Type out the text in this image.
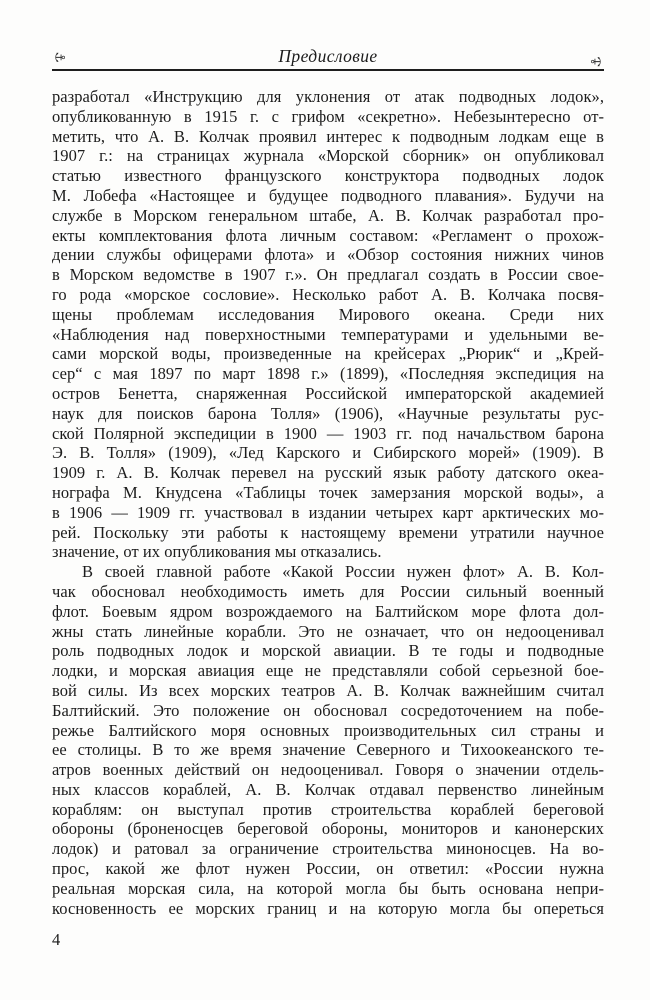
⚓	Предисловие	⚓
разработал «Инструкцию для уклонения от атак подводных лодок»,
опубликованную в 1915 г. с грифом «секретно». Небезынтересно от-
метить, что А. В. Колчак проявил интерес к подводным лодкам еще в
1907 г.: на страницах журнала «Морской сборник» он опубликовал
статью известного французского конструктора подводных лодок
М. Лобефа «Настоящее и будущее подводного плавания». Будучи на
службе в Морском генеральном штабе, А. В. Колчак разработал про-
екты комплектования флота личным составом: «Регламент о прохож-
дении службы офицерами флота» и «Обзор состояния нижних чинов
в Морском ведомстве в 1907 г.». Он предлагал создать в России свое-
го рода «морское сословие». Несколько работ А. В. Колчака посвя-
щены проблемам исследования Мирового океана. Среди них
«Наблюдения над поверхностными температурами и удельными ве-
сами морской воды, произведенные на крейсерах „Рюрик“ и „Крей-
сер“ с мая 1897 по март 1898 г.» (1899), «Последняя экспедиция на
остров Бенетта, снаряженная Российской императорской академией
наук для поисков барона Толля» (1906), «Научные результаты рус-
ской Полярной экспедиции в 1900 — 1903 гг. под начальством барона
Э. В. Толля» (1909), «Лед Карского и Сибирского морей» (1909). В
1909 г. А. В. Колчак перевел на русский язык работу датского океа-
нографа М. Кнудсена «Таблицы точек замерзания морской воды», а
в 1906 — 1909 гг. участвовал в издании четырех карт арктических мо-
рей. Поскольку эти работы к настоящему времени утратили научное
значение, от их опубликования мы отказались.
В своей главной работе «Какой России нужен флот» А. В. Кол-
чак обосновал необходимость иметь для России сильный военный
флот. Боевым ядром возрождаемого на Балтийском море флота дол-
жны стать линейные корабли. Это не означает, что он недооценивал
роль подводных лодок и морской авиации. В те годы и подводные
лодки, и морская авиация еще не представляли собой серьезной бое-
вой силы. Из всех морских театров А. В. Колчак важнейшим считал
Балтийский. Это положение он обосновал сосредоточением на побе-
режье Балтийского моря основных производительных сил страны и
ее столицы. В то же время значение Северного и Тихоокеанского те-
атров военных действий он недооценивал. Говоря о значении отдель-
ных классов кораблей, А. В. Колчак отдавал первенство линейным
кораблям: он выступал против строительства кораблей береговой
обороны (броненосцев береговой обороны, мониторов и канонерских
лодок) и ратовал за ограничение строительства миноносцев. На во-
прос, какой же флот нужен России, он ответил: «России нужна
реальная морская сила, на которой могла бы быть основана непри-
косновенность ее морских границ и на которую могла бы опереться
4
